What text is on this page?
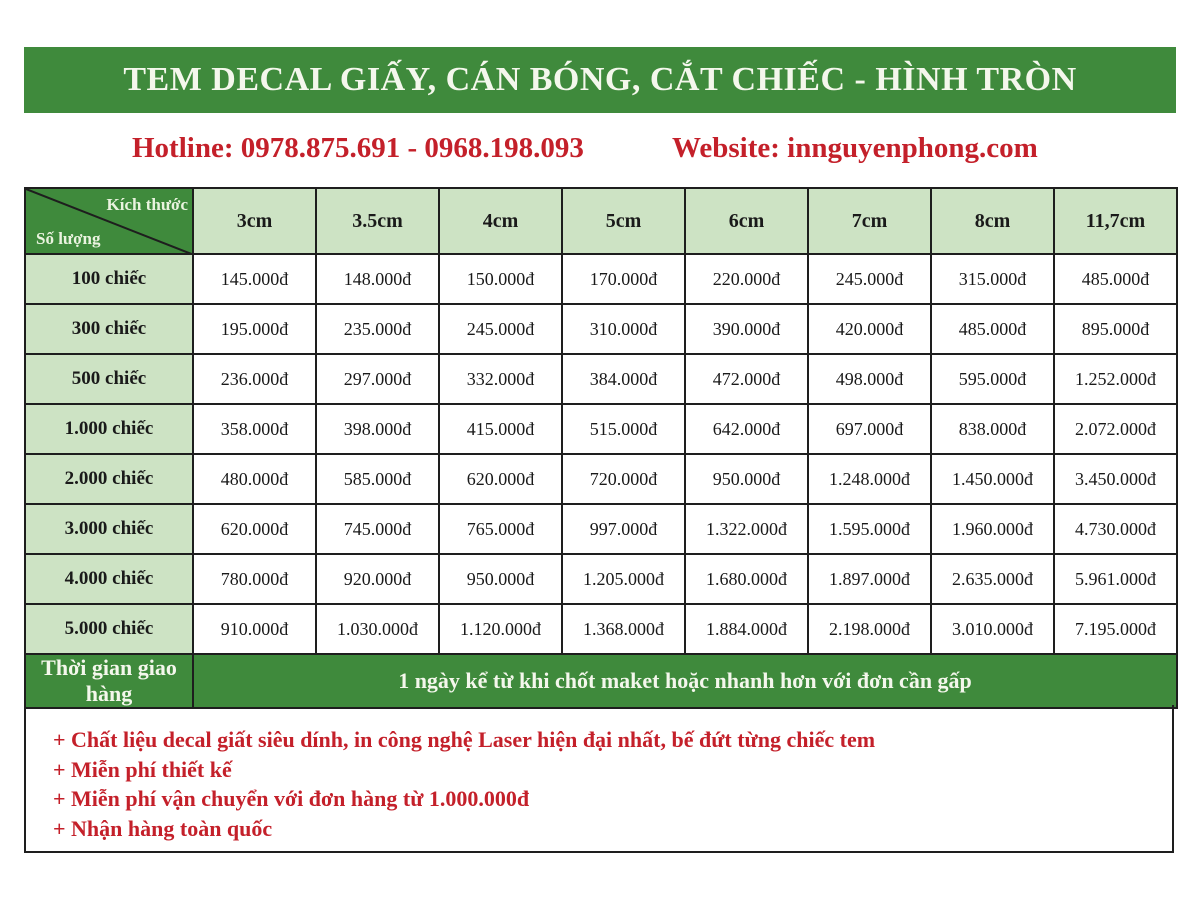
TEM DECAL GIẤY, CÁN BÓNG, CẮT CHIẾC - HÌNH TRÒN
Hotline: 0978.875.691 - 0968.198.093	Website: innguyenphong.com
Kích thước
Số lượng	3cm	3.5cm	4cm	5cm	6cm	7cm	8cm	11,7cm
100 chiếc	145.000đ	148.000đ	150.000đ	170.000đ	220.000đ	245.000đ	315.000đ	485.000đ
300 chiếc	195.000đ	235.000đ	245.000đ	310.000đ	390.000đ	420.000đ	485.000đ	895.000đ
500 chiếc	236.000đ	297.000đ	332.000đ	384.000đ	472.000đ	498.000đ	595.000đ	1.252.000đ
1.000 chiếc	358.000đ	398.000đ	415.000đ	515.000đ	642.000đ	697.000đ	838.000đ	2.072.000đ
2.000 chiếc	480.000đ	585.000đ	620.000đ	720.000đ	950.000đ	1.248.000đ	1.450.000đ	3.450.000đ
3.000 chiếc	620.000đ	745.000đ	765.000đ	997.000đ	1.322.000đ	1.595.000đ	1.960.000đ	4.730.000đ
4.000 chiếc	780.000đ	920.000đ	950.000đ	1.205.000đ	1.680.000đ	1.897.000đ	2.635.000đ	5.961.000đ
5.000 chiếc	910.000đ	1.030.000đ	1.120.000đ	1.368.000đ	1.884.000đ	2.198.000đ	3.010.000đ	7.195.000đ
Thời gian giao hàng	1 ngày kể từ khi chốt maket hoặc nhanh hơn với đơn cần gấp							
+ Chất liệu decal giất siêu dính, in công nghệ Laser hiện đại nhất, bế đứt từng chiếc tem
+ Miễn phí thiết kế
+ Miễn phí vận chuyển với đơn hàng từ 1.000.000đ
+ Nhận hàng toàn quốc
